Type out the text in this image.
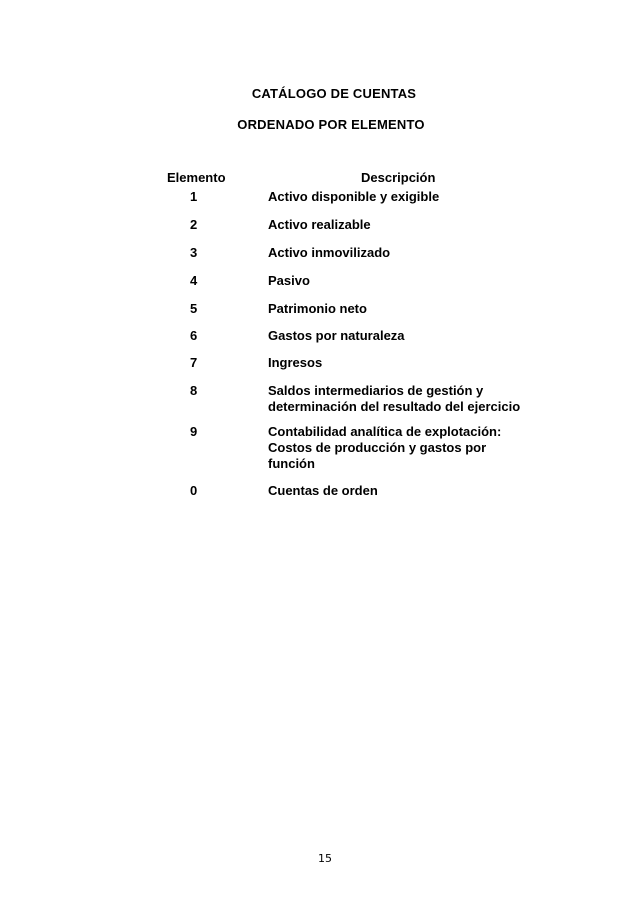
CATÁLOGO DE CUENTAS
ORDENADO POR ELEMENTO
Elemento	Descripción
1	Activo disponible y exigible
2	Activo realizable
3	Activo inmovilizado
4	Pasivo
5	Patrimonio neto
6	Gastos por naturaleza
7	Ingresos
8	Saldos intermediarios de gestión y
determinación del resultado del ejercicio
9	Contabilidad analítica de explotación:
Costos de producción y gastos por
función
0	Cuentas de orden
15
